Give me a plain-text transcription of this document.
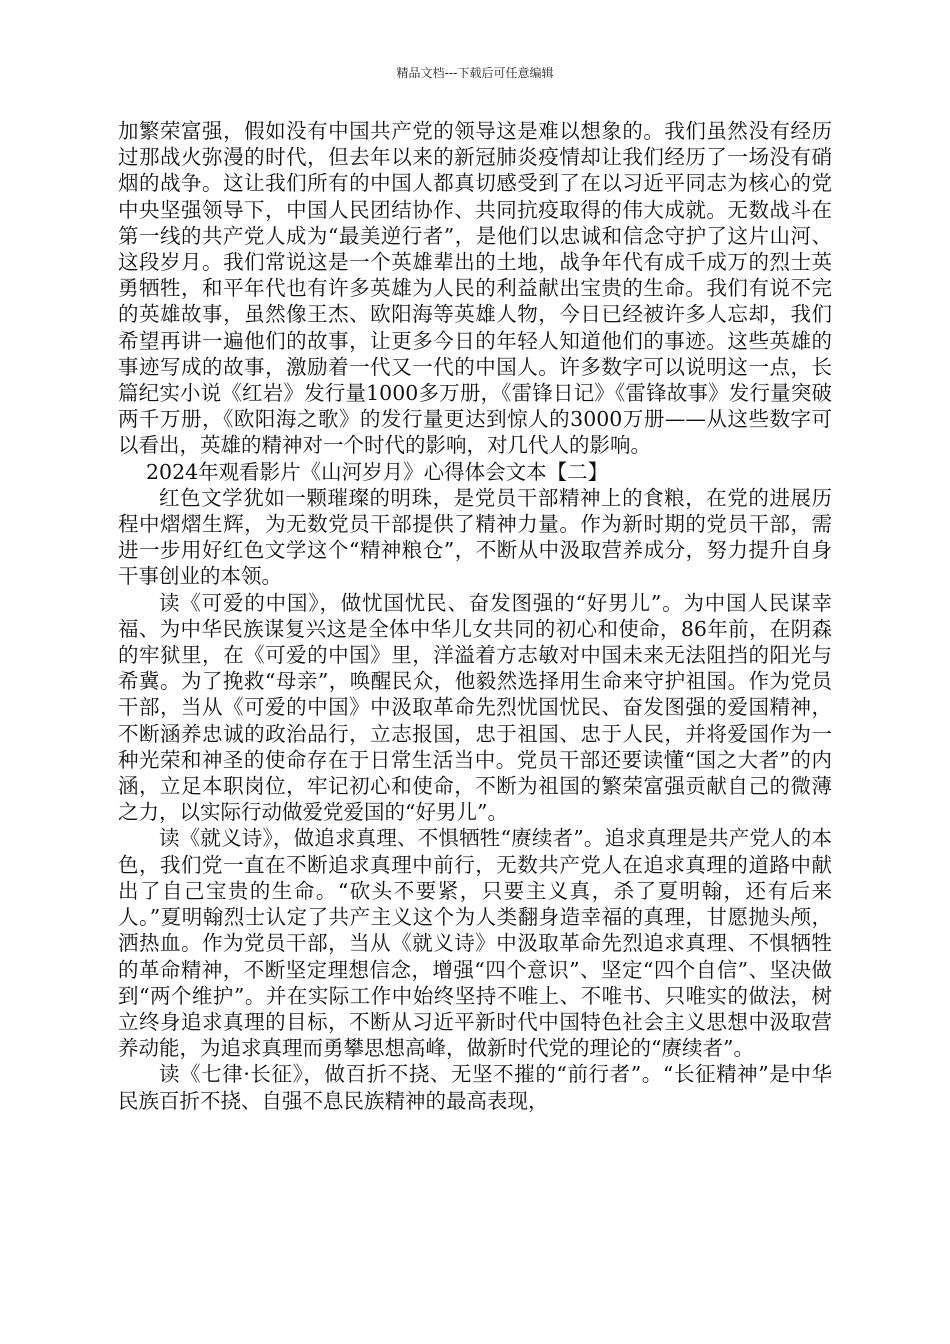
精品文档---下载后可任意编辑

加繁荣富强，假如没有中国共产党的领导这是难以想象的。我们虽然没有经历过那战火弥漫的时代，但去年以来的新冠肺炎疫情却让我们经历了一场没有硝烟的战争。这让我们所有的中国人都真切感受到了在以习近平同志为核心的党中央坚强领导下，中国人民团结协作、共同抗疫取得的伟大成就。无数战斗在第一线的共产党人成为“最美逆行者”，是他们以忠诚和信念守护了这片山河、这段岁月。我们常说这是一个英雄辈出的土地，战争年代有成千成万的烈士英勇牺牲，和平年代也有许多英雄为人民的利益献出宝贵的生命。我们有说不完的英雄故事，虽然像王杰、欧阳海等英雄人物，今日已经被许多人忘却，我们希望再讲一遍他们的故事，让更多今日的年轻人知道他们的事迹。这些英雄的事迹写成的故事，激励着一代又一代的中国人。许多数字可以说明这一点，长篇纪实小说《红岩》发行量1000多万册，《雷锋日记》《雷锋故事》发行量突破两千万册，《欧阳海之歌》的发行量更达到惊人的3000万册——从这些数字可以看出，英雄的精神对一个时代的影响，对几代人的影响。

2024年观看影片《山河岁月》心得体会文本【二】

红色文学犹如一颗璀璨的明珠，是党员干部精神上的食粮，在党的进展历程中熠熠生辉，为无数党员干部提供了精神力量。作为新时期的党员干部，需进一步用好红色文学这个“精神粮仓”，不断从中汲取营养成分，努力提升自身干事创业的本领。

读《可爱的中国》，做忧国忧民、奋发图强的“好男儿”。为中国人民谋幸福、为中华民族谋复兴这是全体中华儿女共同的初心和使命，86年前，在阴森的牢狱里，在《可爱的中国》里，洋溢着方志敏对中国未来无法阻挡的阳光与希冀。为了挽救“母亲”，唤醒民众，他毅然选择用生命来守护祖国。作为党员干部，当从《可爱的中国》中汲取革命先烈忧国忧民、奋发图强的爱国精神，不断涵养忠诚的政治品行，立志报国，忠于祖国、忠于人民，并将爱国作为一种光荣和神圣的使命存在于日常生活当中。党员干部还要读懂“国之大者”的内涵，立足本职岗位，牢记初心和使命，不断为祖国的繁荣富强贡献自己的微薄之力，以实际行动做爱党爱国的“好男儿”。

读《就义诗》，做追求真理、不惧牺牲“赓续者”。追求真理是共产党人的本色，我们党一直在不断追求真理中前行，无数共产党人在追求真理的道路中献出了自己宝贵的生命。“砍头不要紧，只要主义真，杀了夏明翰，还有后来人。”夏明翰烈士认定了共产主义这个为人类翻身造幸福的真理，甘愿抛头颅，洒热血。作为党员干部，当从《就义诗》中汲取革命先烈追求真理、不惧牺牲的革命精神，不断坚定理想信念，增强“四个意识”、坚定“四个自信”、坚决做到“两个维护”。并在实际工作中始终坚持不唯上、不唯书、只唯实的做法，树立终身追求真理的目标，不断从习近平新时代中国特色社会主义思想中汲取营养动能，为追求真理而勇攀思想高峰，做新时代党的理论的“赓续者”。

读《七律·长征》，做百折不挠、无坚不摧的“前行者”。“长征精神”是中华民族百折不挠、自强不息民族精神的最高表现，
